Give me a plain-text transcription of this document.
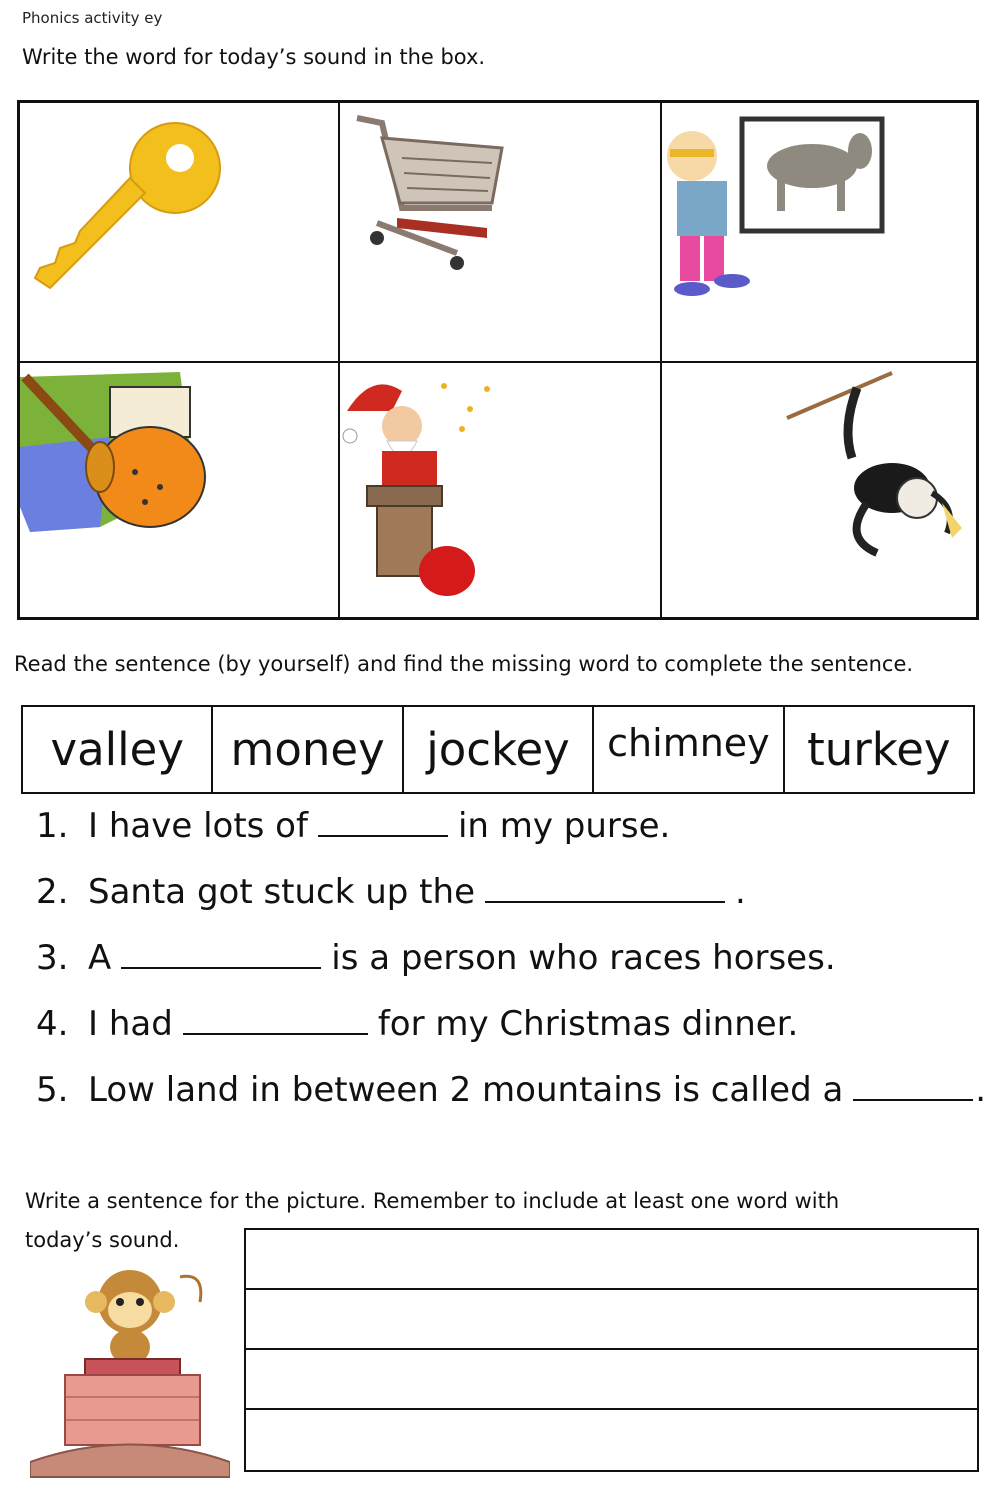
Phonics activity ey
Write the word for today’s sound in the box.
Read the sentence (by yourself) and find the missing word to complete the sentence.
valley	money jockey chimney turkey
1. I have lots of	in my purse.
2. Santa got stuck up the	.
3. A	is a person who races horses.
4. I had	for my Christmas dinner.
5. Low land in between 2 mountains is called a	.
Write a sentence for the picture. Remember to include at least one word with
today’s sound.
